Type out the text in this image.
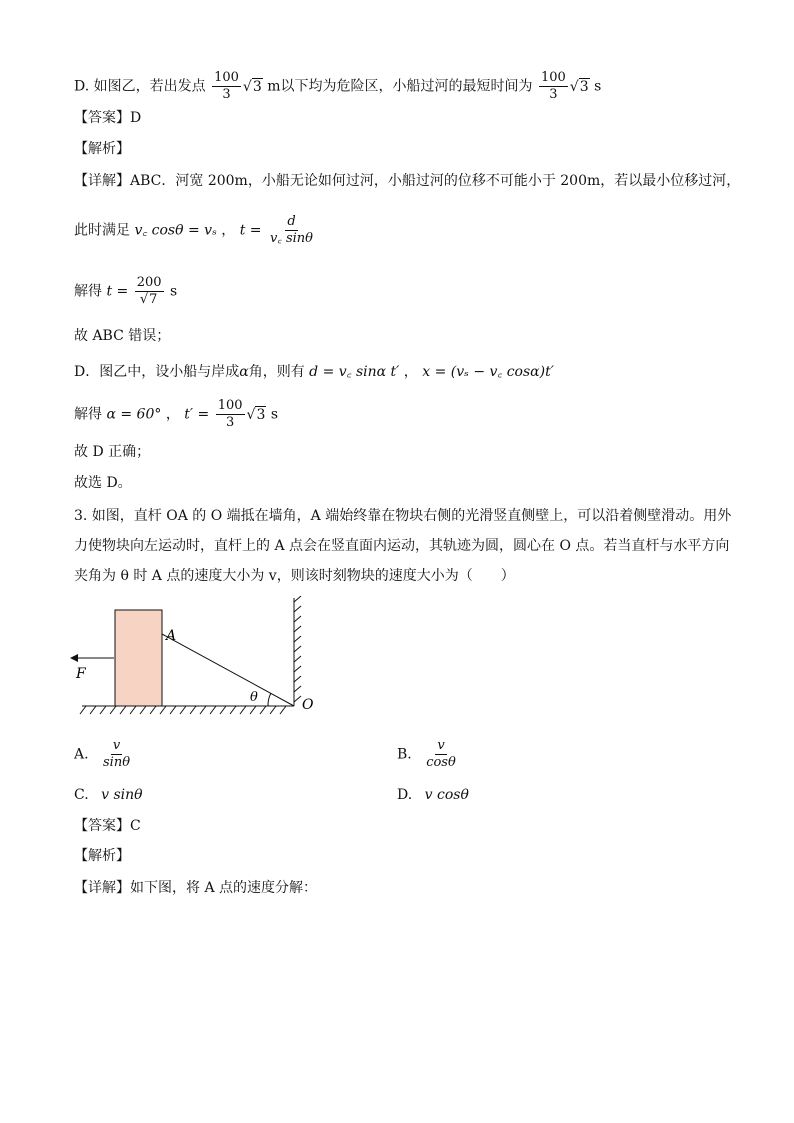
D. 如图乙，若出发点 $\frac{100}{3} √3$ m以下均为危险区，小船过河的最短时间为 $\frac{100}{3} √3$ s
【答案】D
【解析】
【详解】ABC．河宽 200m，小船无论如何过河，小船过河的位移不可能小于 200m，若以最小位移过河，
此时满足 v꜀ cosθ = vₛ ， $t = \frac{d}{v꜀ \sin\theta}$
解得 $t = \frac{200}{√7}$ s
故 ABC 错误；
D．图乙中，设小船与岸成α角，则有 d = v꜀ sinα t′ ， x = (vₛ − v꜀ cosα)t′
解得 α = 60° ， $t' = \frac{100}{3} √3$ s
故 D 正确；
故选 D。
3. 如图，直杆 OA 的 O 端抵在墙角，A 端始终靠在物块右侧的光滑竖直侧壁上，可以沿着侧壁滑动。用外
力使物块向左运动时，直杆上的 A 点会在竖直面内运动，其轨迹为圆，圆心在 O 点。若当直杆与水平方向
夹角为 θ 时 A 点的速度大小为 v，则该时刻物块的速度大小为（　　）
A
F
θ	O
A. $\frac{v}{\sin\theta}$	B. $\frac{v}{\cos\theta}$
C. v sinθ	D. v cosθ
【答案】C
【解析】
【详解】如下图，将 A 点的速度分解：
